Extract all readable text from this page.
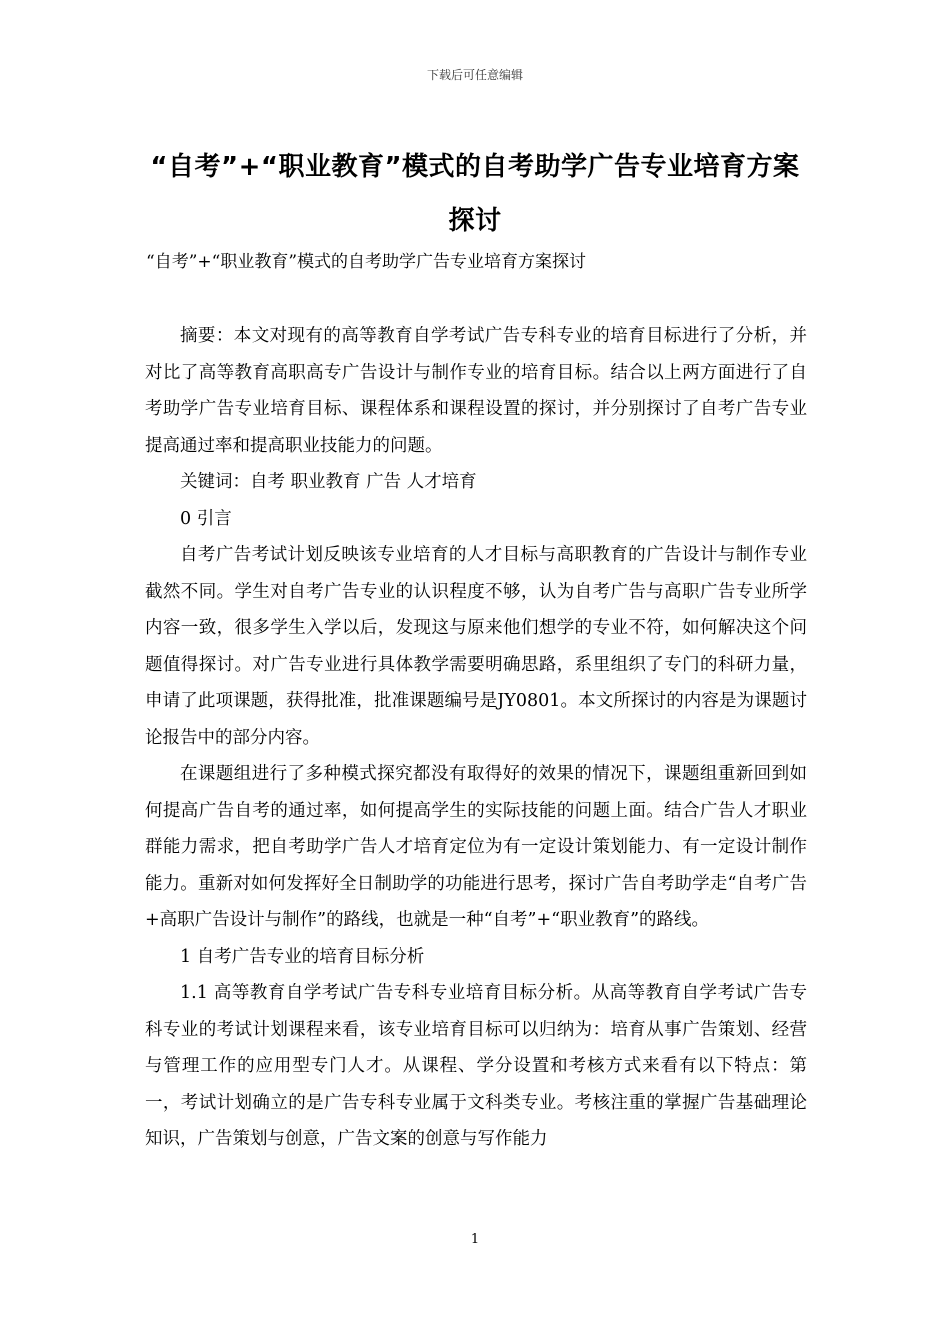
下载后可任意编辑
“自考”+“职业教育”模式的自考助学广告专业培育方案
探讨
“自考”+“职业教育”模式的自考助学广告专业培育方案探讨

摘要：本文对现有的高等教育自学考试广告专科专业的培育目标进行了分析，并对比了高等教育高职高专广告设计与制作专业的培育目标。结合以上两方面进行了自考助学广告专业培育目标、课程体系和课程设置的探讨，并分别探讨了自考广告专业提高通过率和提高职业技能力的问题。

关键词：自考 职业教育 广告 人才培育

0 引言

自考广告考试计划反映该专业培育的人才目标与高职教育的广告设计与制作专业截然不同。学生对自考广告专业的认识程度不够，认为自考广告与高职广告专业所学内容一致，很多学生入学以后，发现这与原来他们想学的专业不符，如何解决这个问题值得探讨。对广告专业进行具体教学需要明确思路，系里组织了专门的科研力量，申请了此项课题，获得批准，批准课题编号是JY0801。本文所探讨的内容是为课题讨论报告中的部分内容。

在课题组进行了多种模式探究都没有取得好的效果的情况下，课题组重新回到如何提高广告自考的通过率，如何提高学生的实际技能的问题上面。结合广告人才职业群能力需求，把自考助学广告人才培育定位为有一定设计策划能力、有一定设计制作能力。重新对如何发挥好全日制助学的功能进行思考，探讨广告自考助学走“自考广告+高职广告设计与制作”的路线，也就是一种“自考”+“职业教育”的路线。

1 自考广告专业的培育目标分析

1.1 高等教育自学考试广告专科专业培育目标分析。从高等教育自学考试广告专科专业的考试计划课程来看，该专业培育目标可以归纳为：培育从事广告策划、经营与管理工作的应用型专门人才。从课程、学分设置和考核方式来看有以下特点：第一，考试计划确立的是广告专科专业属于文科类专业。考核注重的掌握广告基础理论知识，广告策划与创意，广告文案的创意与写作能力

1
